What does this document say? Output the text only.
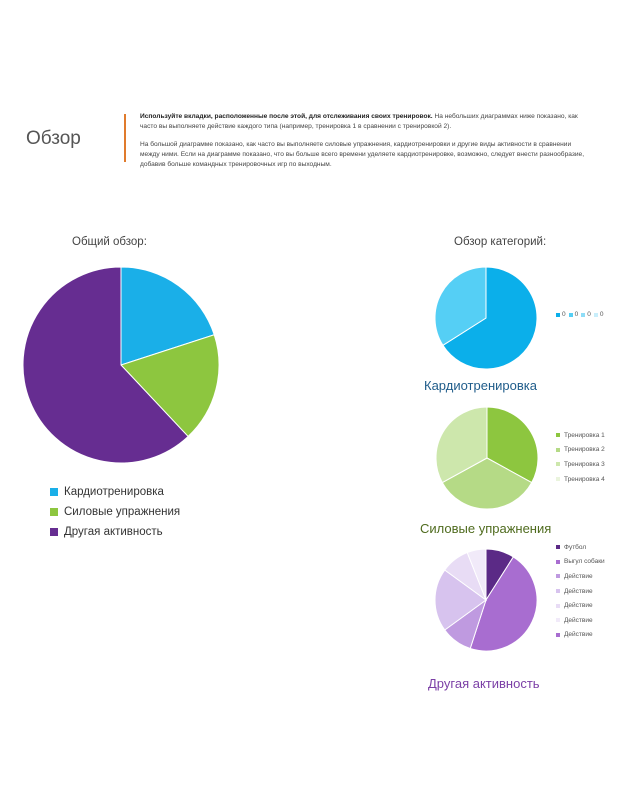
Обзор

Используйте вкладки, расположенные после этой, для отслеживания своих тренировок. На небольших диаграммах ниже показано, как часто вы выполняете действие каждого типа (например, тренировка 1 в сравнении с тренировкой 2).

На большой диаграмме показано, как часто вы выполняете силовые упражнения, кардиотренировки и другие виды активности в сравнении между ними. Если на диаграмме показано, что вы больше всего времени уделяете кардиотренировке, возможно, следует внести разнообразие, добавив больше командных тренировочных игр по выходным.

Общий обзор:	Обзор категорий:
Кардиотренировка
Силовые упражнения
Другая активность
0 0 0 0
Кардиотренировка
Тренировка 1
Тренировка 2
Тренировка 3
Тренировка 4
Силовые упражнения
Футбол
Выгул собаки
Действие
Действие
Действие
Действие
Действие
Другая активность
